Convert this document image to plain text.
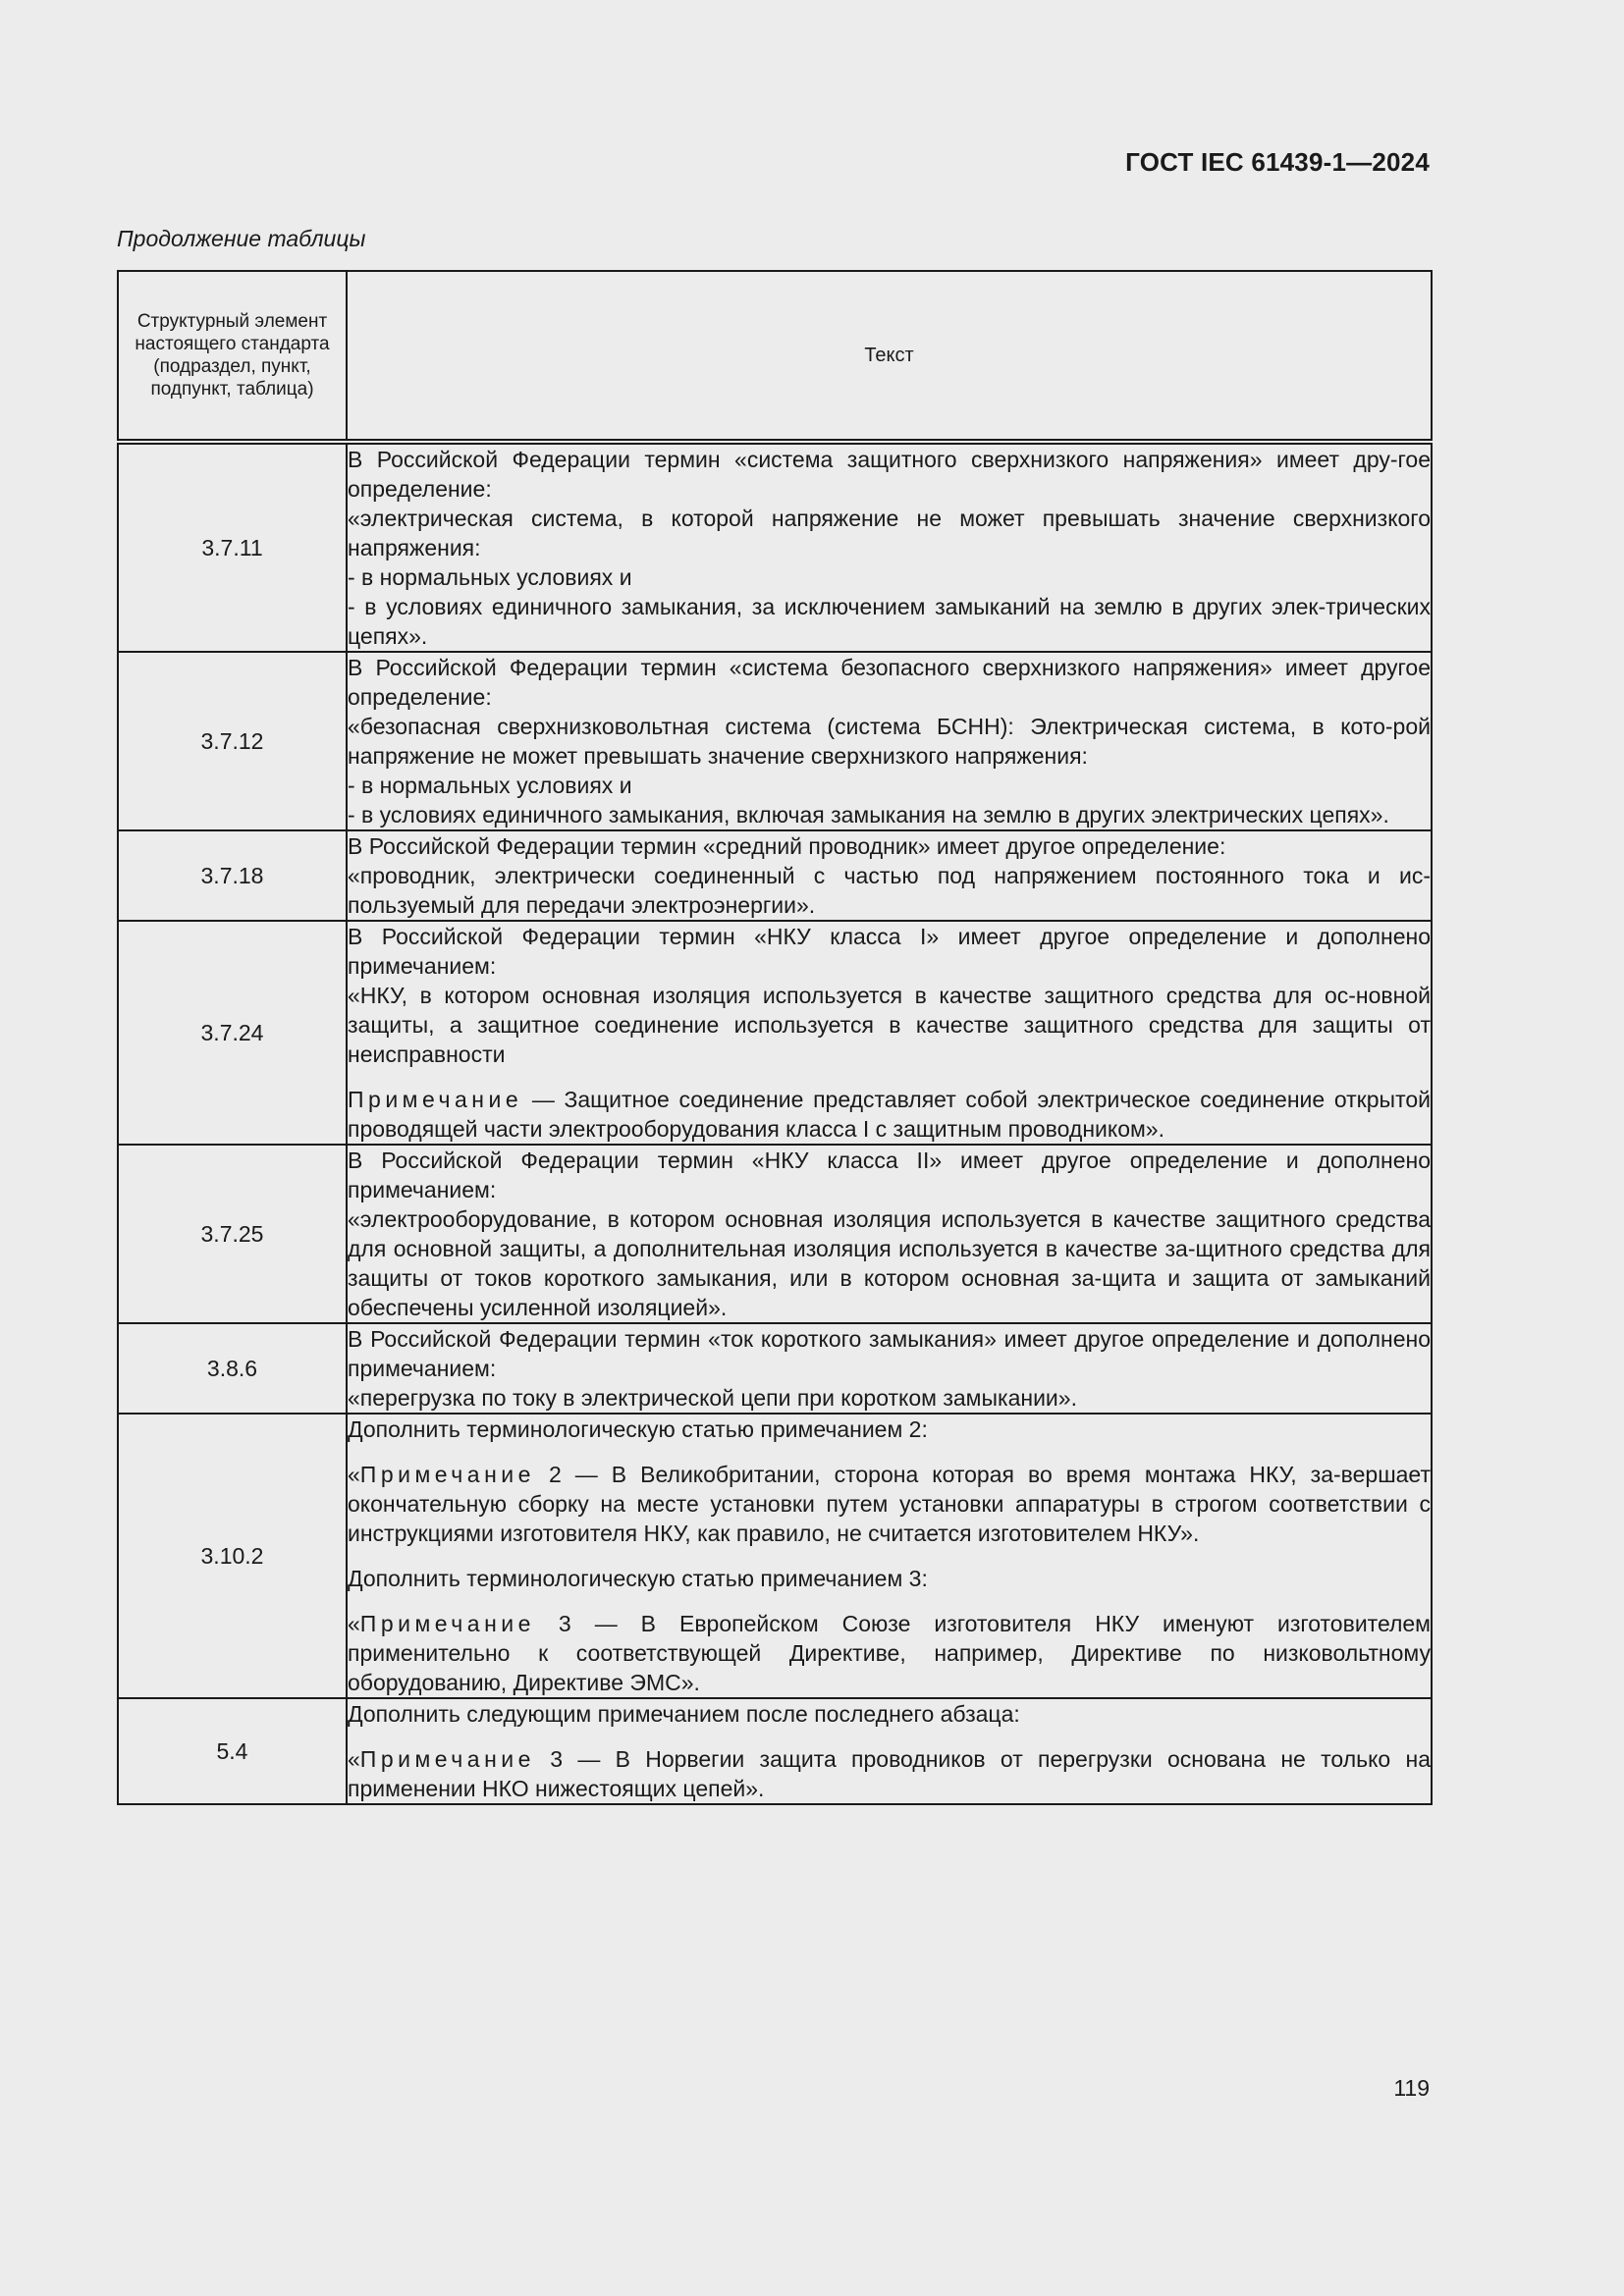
ГОСТ IEC 61439-1—2024
Продолжение таблицы
Структурный элемент настоящего стандарта (подраздел, пункт, подпункт, таблица)	Текст

3.7.11	В Российской Федерации термин «система защитного сверхнизкого напряжения» имеет дру-гое определение:

«электрическая система, в которой напряжение не может превышать значение сверхнизкого напряжения:

- в нормальных условиях и

- в условиях единичного замыкания, за исключением замыканий на землю в других элек-трических цепях».

3.7.12	В Российской Федерации термин «система безопасного сверхнизкого напряжения» имеет другое определение:

«безопасная сверхнизковольтная система (система БСНН): Электрическая система, в кото-рой напряжение не может превышать значение сверхнизкого напряжения:

- в нормальных условиях и

- в условиях единичного замыкания, включая замыкания на землю в других электрических цепях».

3.7.18	В Российской Федерации термин «средний проводник» имеет другое определение:

«проводник, электрически соединенный с частью под напряжением постоянного тока и ис-пользуемый для передачи электроэнергии».

3.7.24	В Российской Федерации термин «НКУ класса I» имеет другое определение и дополнено примечанием:

«НКУ, в котором основная изоляция используется в качестве защитного средства для ос-новной защиты, а защитное соединение используется в качестве защитного средства для защиты от неисправности

Примечание — Защитное соединение представляет собой электрическое соединение открытой проводящей части электрооборудования класса I с защитным проводником».

3.7.25	В Российской Федерации термин «НКУ класса II» имеет другое определение и дополнено примечанием:

«электрооборудование, в котором основная изоляция используется в качестве защитного средства для основной защиты, а дополнительная изоляция используется в качестве за-щитного средства для защиты от токов короткого замыкания, или в котором основная за-щита и защита от замыканий обеспечены усиленной изоляцией».

3.8.6	В Российской Федерации термин «ток короткого замыкания» имеет другое определение и дополнено примечанием:

«перегрузка по току в электрической цепи при коротком замыкании».

3.10.2	Дополнить терминологическую статью примечанием 2:

«Примечание 2 — В Великобритании, сторона которая во время монтажа НКУ, за-вершает окончательную сборку на месте установки путем установки аппаратуры в строгом соответствии с инструкциями изготовителя НКУ, как правило, не считается изготовителем НКУ».

Дополнить терминологическую статью примечанием 3:

«Примечание 3 — В Европейском Союзе изготовителя НКУ именуют изготовителем применительно к соответствующей Директиве, например, Директиве по низковольтному оборудованию, Директиве ЭМС».

5.4	Дополнить следующим примечанием после последнего абзаца:

«Примечание 3 — В Норвегии защита проводников от перегрузки основана не только на применении НКО нижестоящих цепей».

119
